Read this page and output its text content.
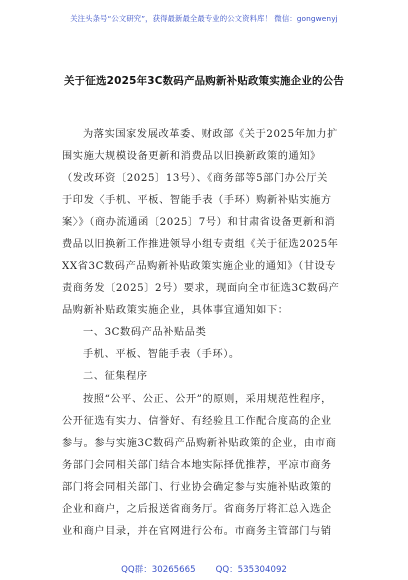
关注头条号“公文研究”，获得最新最全最专业的公文资料库！ 微信：gongwenyj
关于征选2025年3C数码产品购新补贴政策实施企业的公告
为落实国家发展改革委、财政部《关于2025年加力扩
围实施大规模设备更新和消费品以旧换新政策的通知》
（发改环资〔2025〕13号）、《商务部等5部门办公厅关
于印发〈手机、平板、智能手表（手环）购新补贴实施方
案〉》（商办流通函〔2025〕7号）和甘肃省设备更新和消
费品以旧换新工作推进领导小组专责组《关于征选2025年
XX省3C数码产品购新补贴政策实施企业的通知》（甘设专
责商务发〔2025〕2号）要求，现面向全市征选3C数码产
品购新补贴政策实施企业，具体事宜通知如下：
一、3C数码产品补贴品类
手机、平板、智能手表（手环）。
二、征集程序
按照“公平、公正、公开”的原则，采用规范性程序，
公开征选有实力、信誉好、有经验且工作配合度高的企业
参与。参与实施3C数码产品购新补贴政策的企业，由市商
务部门会同相关部门结合本地实际择优推荐，平凉市商务
部门将会同相关部门、行业协会确定参与实施补贴政策的
企业和商户，之后报送省商务厅。省商务厅将汇总入选企
业和商户目录，并在官网进行公布。市商务主管部门与销
QQ群：30265665 QQ：535304092
